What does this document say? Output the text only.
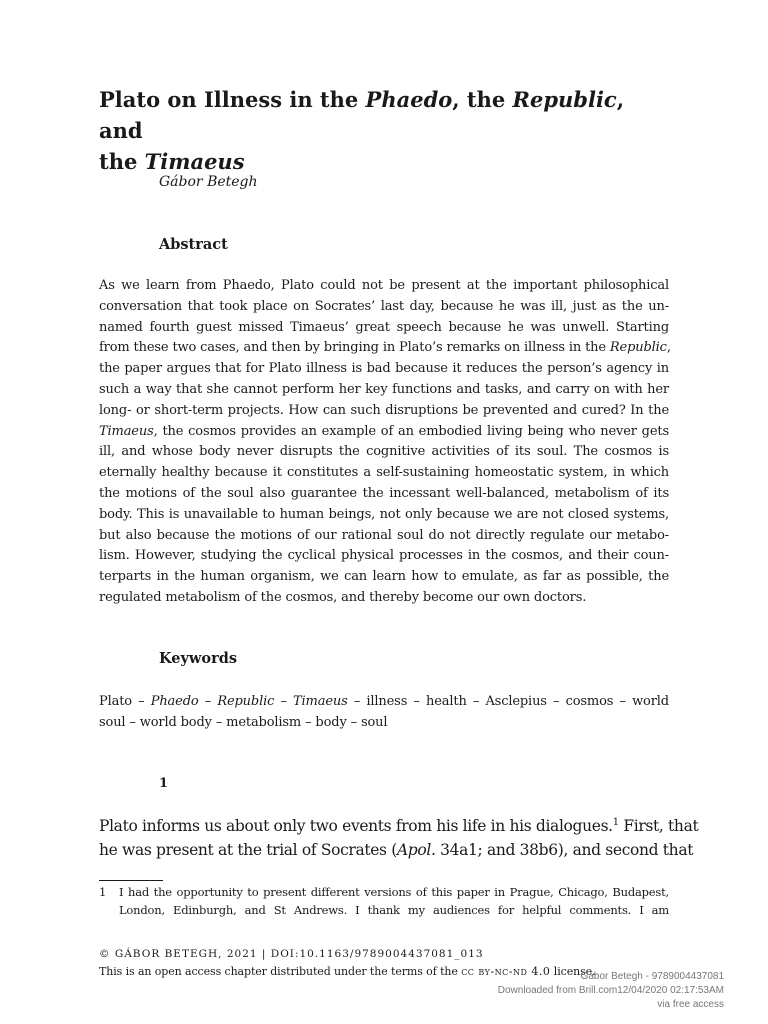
Plato on Illness in the Phaedo, the Republic, and
the Timaeus

Gábor Betegh

Abstract
As we learn from Phaedo, Plato could not be present at the important philosophical
conversation that took place on Socrates’ last day, because he was ill, just as the un-
named fourth guest missed Timaeus’ great speech because he was unwell. Starting
from these two cases, and then by bringing in Plato’s remarks on illness in the Republic,
the paper argues that for Plato illness is bad because it reduces the person’s agency in
such a way that she cannot perform her key functions and tasks, and carry on with her
long- or short-term projects. How can such disruptions be prevented and cured? In the
Timaeus, the cosmos provides an example of an embodied living being who never gets
ill, and whose body never disrupts the cognitive activities of its soul. The cosmos is
eternally healthy because it constitutes a self-sustaining homeostatic system, in which
the motions of the soul also guarantee the incessant well-balanced, metabolism of its
body. This is unavailable to human beings, not only because we are not closed systems,
but also because the motions of our rational soul do not directly regulate our metabo-
lism. However, studying the cyclical physical processes in the cosmos, and their coun-
terparts in the human organism, we can learn how to emulate, as far as possible, the
regulated metabolism of the cosmos, and thereby become our own doctors.
Keywords
Plato – Phaedo – Republic – Timaeus – illness – health – Asclepius – cosmos – world
soul – world body – metabolism – body – soul
1
Plato informs us about only two events from his life in his dialogues.$^1$ First, that
he was present at the trial of Socrates (Apol. 34a1; and 38b6), and second that
1 I had the opportunity to present different versions of this paper in Prague, Chicago, Budapest,
London, Edinburgh, and St Andrews. I thank my audiences for helpful comments. I am

© GÁBOR BETEGH, 2021 | DOI:10.1163/9789004437081_013

This is an open access chapter distributed under the terms of the cc by-nc-nd 4.0 license.

Gábor Betegh - 9789004437081
Downloaded from Brill.com12/04/2020 02:17:53AM
via free access
